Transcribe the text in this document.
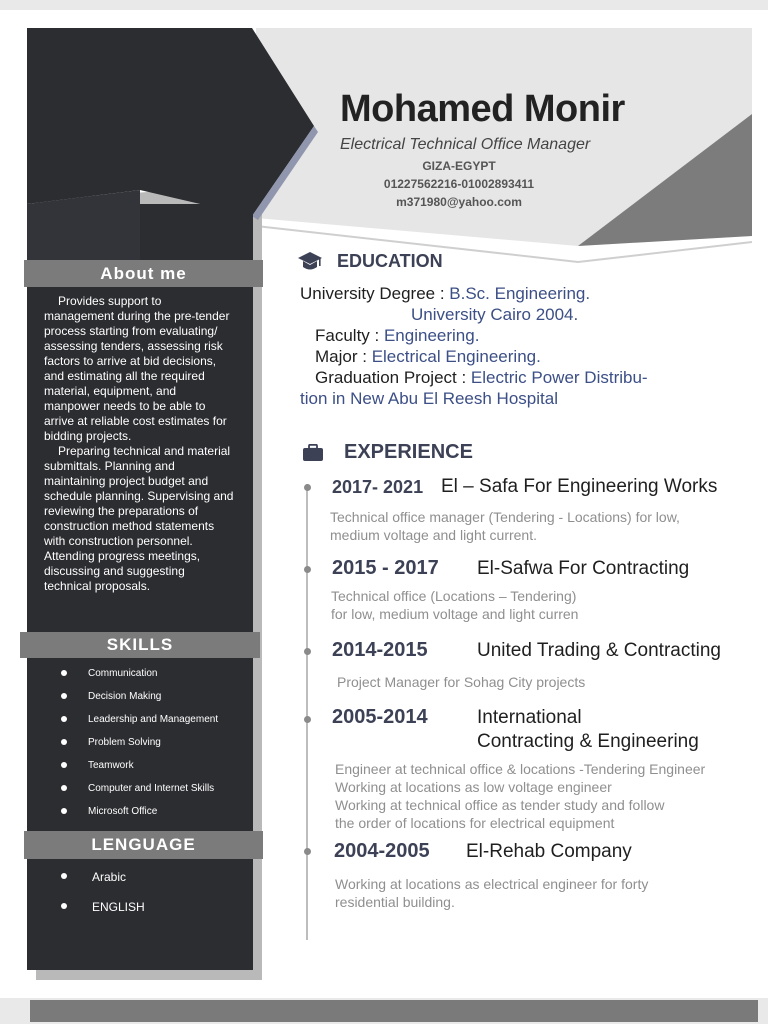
Mohamed Monir
Electrical Technical Office Manager
GIZA-EGYPT
01227562216-01002893411
m371980@yahoo.com
About me

Provides support to management during the pre-tender process starting from evaluating/ assessing tenders, assessing risk factors to arrive at bid decisions, and estimating all the required material, equipment, and manpower needs to be able to arrive at reliable cost estimates for bidding projects.

Preparing technical and material submittals. Planning and maintaining project budget and schedule planning. Supervising and reviewing the preparations of construction method statements with construction personnel. Attending progress meetings, discussing and suggesting technical proposals.

SKILLS
Communication
Decision Making
Leadership and Management
Problem Solving
Teamwork
Computer and Internet Skills
Microsoft Office
LENGUAGE
Arabic
ENGLISH
EDUCATION
University Degree : B.Sc. Engineering.
University Cairo 2004.
Faculty : Engineering.
Major : Electrical Engineering.
Graduation Project : Electric Power Distribu-
tion in New Abu El Reesh Hospital
EXPERIENCE
2017- 2021 El – Safa For Engineering Works
Technical office manager (Tendering - Locations) for low,
medium voltage and light current.
2015 - 2017 El-Safwa For Contracting
Technical office (Locations – Tendering)
for low, medium voltage and light curren
2014-2015	United Trading & Contracting
Project Manager for Sohag City projects
2005-2014	International
Contracting & Engineering
Engineer at technical office & locations -Tendering Engineer
Working at locations as low voltage engineer
Working at technical office as tender study and follow
the order of locations for electrical equipment
2004-2005 El-Rehab Company
Working at locations as electrical engineer for forty
residential building.
